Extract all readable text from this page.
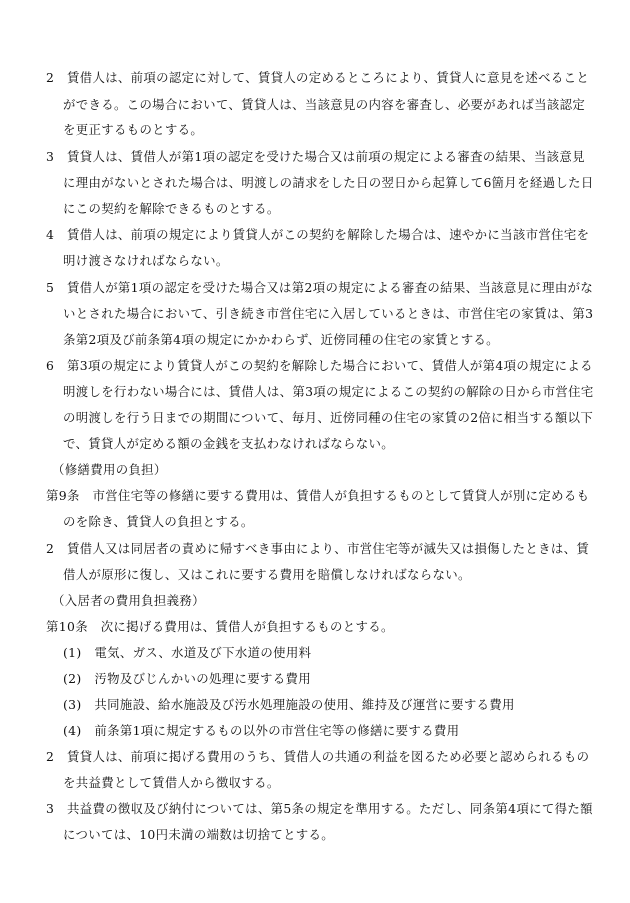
2　賃借人は、前項の認定に対して、賃貸人の定めるところにより、賃貸人に意見を述べること
ができる。この場合において、賃貸人は、当該意見の内容を審査し、必要があれば当該認定
を更正するものとする。
3　賃貸人は、賃借人が第1項の認定を受けた場合又は前項の規定による審査の結果、当該意見
に理由がないとされた場合は、明渡しの請求をした日の翌日から起算して6箇月を経過した日
にこの契約を解除できるものとする。
4　賃借人は、前項の規定により賃貸人がこの契約を解除した場合は、速やかに当該市営住宅を
明け渡さなければならない。
5　賃借人が第1項の認定を受けた場合又は第2項の規定による審査の結果、当該意見に理由がな
いとされた場合において、引き続き市営住宅に入居しているときは、市営住宅の家賃は、第3
条第2項及び前条第4項の規定にかかわらず、近傍同種の住宅の家賃とする。
6　第3項の規定により賃貸人がこの契約を解除した場合において、賃借人が第4項の規定による
明渡しを行わない場合には、賃借人は、第3項の規定によるこの契約の解除の日から市営住宅
の明渡しを行う日までの期間について、毎月、近傍同種の住宅の家賃の2倍に相当する額以下
で、賃貸人が定める額の金銭を支払わなければならない。
（修繕費用の負担）
第9条　市営住宅等の修繕に要する費用は、賃借人が負担するものとして賃貸人が別に定めるも
のを除き、賃貸人の負担とする。
2　賃借人又は同居者の責めに帰すべき事由により、市営住宅等が滅失又は損傷したときは、賃
借人が原形に復し、又はこれに要する費用を賠償しなければならない。
（入居者の費用負担義務）
第10条　次に掲げる費用は、賃借人が負担するものとする。
(1)　電気、ガス、水道及び下水道の使用料
(2)　汚物及びじんかいの処理に要する費用
(3)　共同施設、給水施設及び汚水処理施設の使用、維持及び運営に要する費用
(4)　前条第1項に規定するもの以外の市営住宅等の修繕に要する費用
2　賃貸人は、前項に掲げる費用のうち、賃借人の共通の利益を図るため必要と認められるもの
を共益費として賃借人から徴収する。
3　共益費の徴収及び納付については、第5条の規定を準用する。ただし、同条第4項にて得た額
については、10円未満の端数は切捨てとする。
